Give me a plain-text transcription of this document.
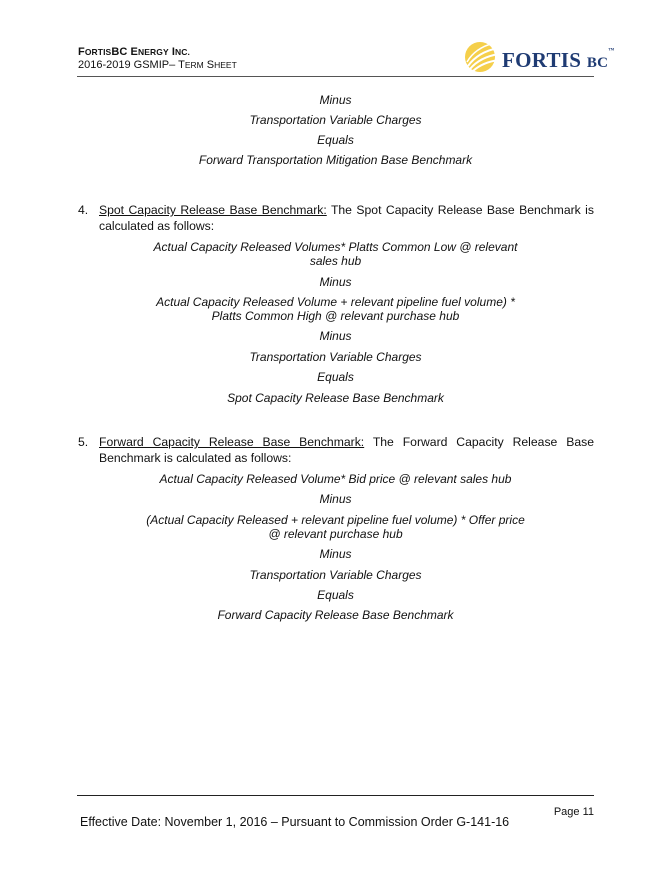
FORTISBC ENERGY INC.
2016-2019 GSMIP– TERM SHEET	FORTIS BC™
Minus
Transportation Variable Charges
Equals
Forward Transportation Mitigation Base Benchmark
4. Spot Capacity Release Base Benchmark: The Spot Capacity Release Base Benchmark is calculated as follows:
Actual Capacity Released Volumes* Platts Common Low @ relevant
sales hub
Minus
Actual Capacity Released Volume + relevant pipeline fuel volume) *
Platts Common High @ relevant purchase hub
Minus
Transportation Variable Charges
Equals
Spot Capacity Release Base Benchmark
5. Forward Capacity Release Base Benchmark: The Forward Capacity Release Base Benchmark is calculated as follows:
Actual Capacity Released Volume* Bid price @ relevant sales hub
Minus
(Actual Capacity Released + relevant pipeline fuel volume) * Offer price
@ relevant purchase hub
Minus
Transportation Variable Charges
Equals
Forward Capacity Release Base Benchmark
Page 11
Effective Date: November 1, 2016 – Pursuant to Commission Order G-141-16
